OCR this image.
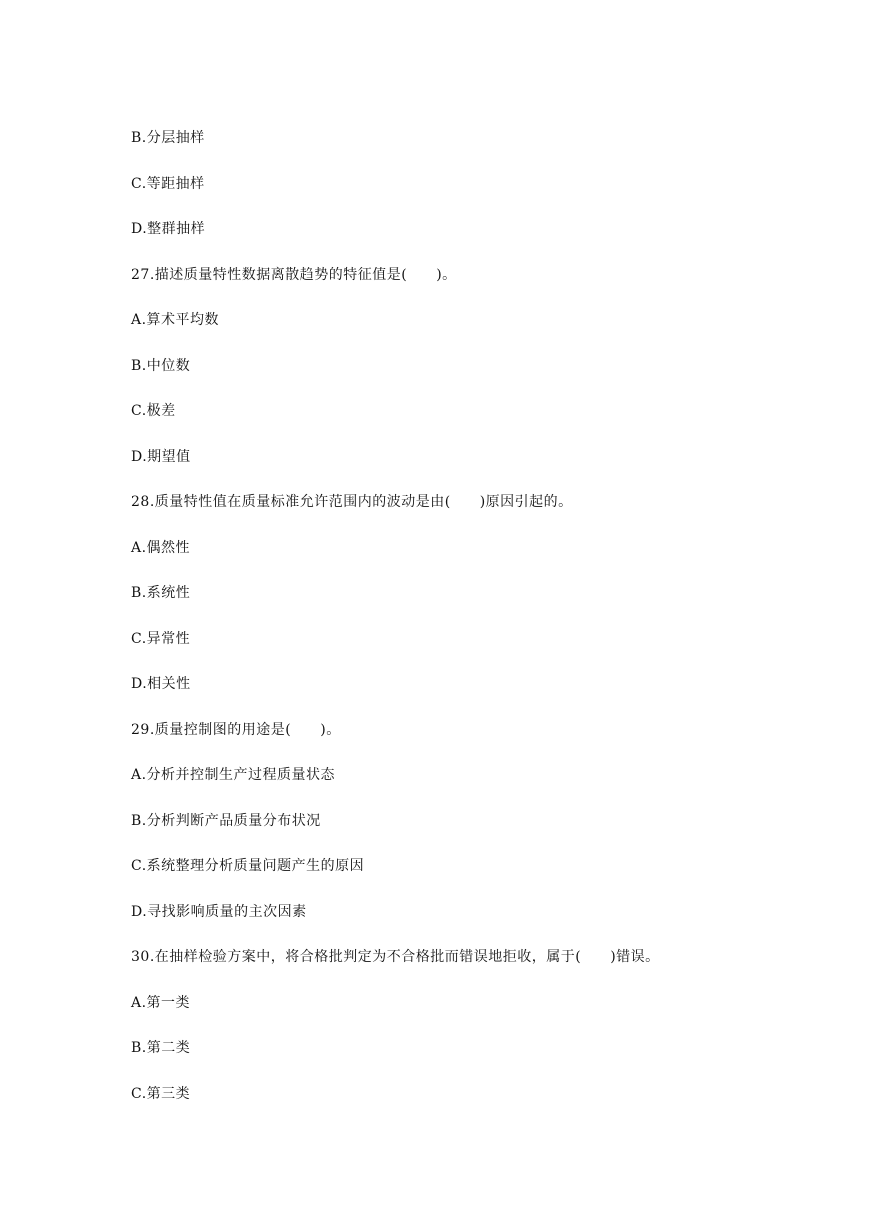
B.分层抽样
C.等距抽样
D.整群抽样
27.描述质量特性数据离散趋势的特征值是(　　)。
A.算术平均数
B.中位数
C.极差
D.期望值
28.质量特性值在质量标准允许范围内的波动是由(　　)原因引起的。
A.偶然性
B.系统性
C.异常性
D.相关性
29.质量控制图的用途是(　　)。
A.分析并控制生产过程质量状态
B.分析判断产品质量分布状况
C.系统整理分析质量问题产生的原因
D.寻找影响质量的主次因素
30.在抽样检验方案中，将合格批判定为不合格批而错误地拒收，属于(　　)错误。
A.第一类
B.第二类
C.第三类
